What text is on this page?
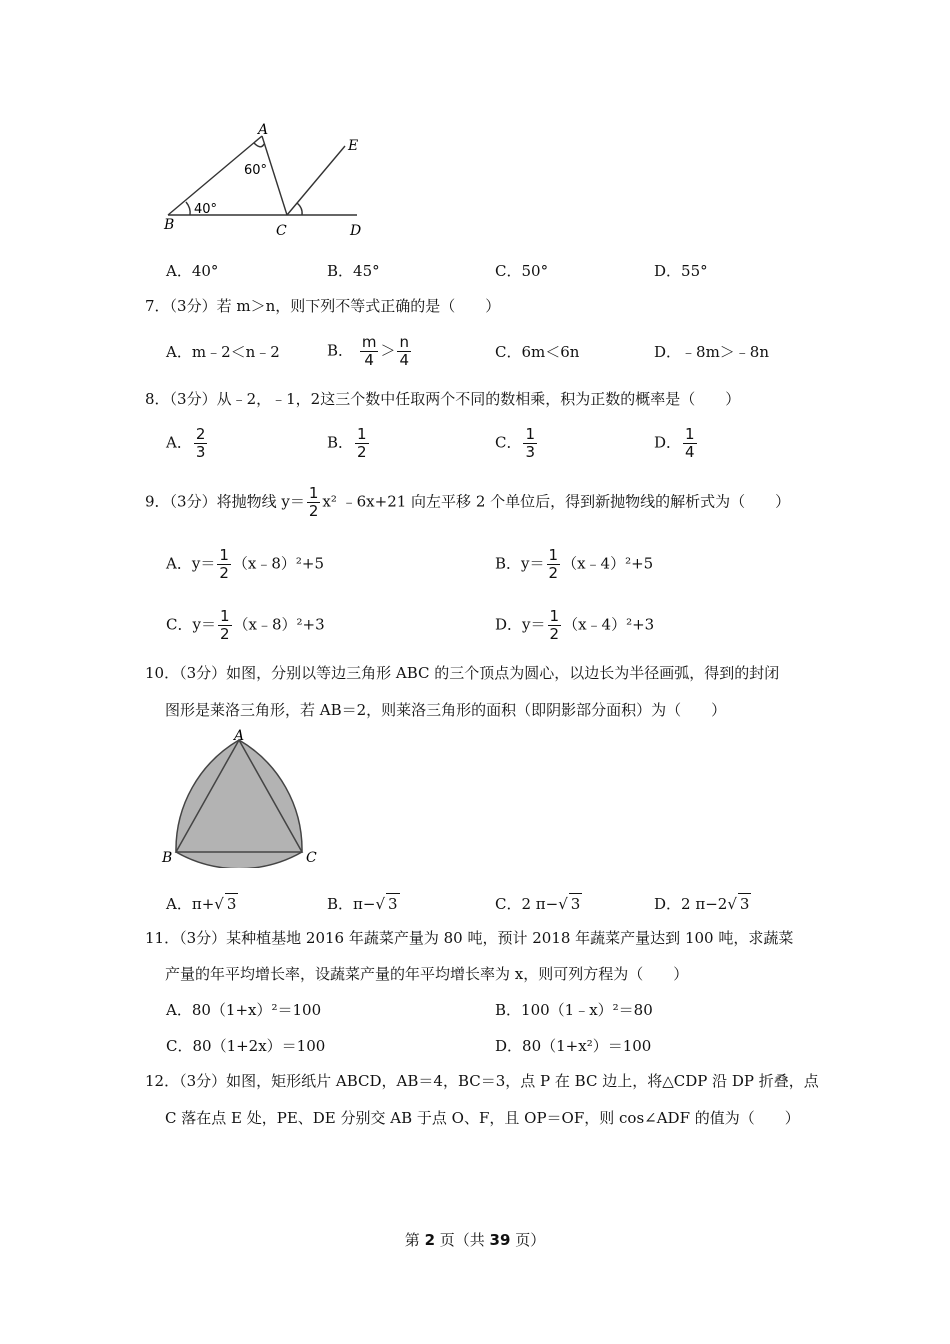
A
B	C	D
E
60°
40°
A．40°	B．45°	C．50°	D．55°
7．（3分）若 m＞n，则下列不等式正确的是（　　）
A．m﹣2＜n﹣2	B． $\frac{m}{4} > \frac{n}{4}$	C．6m＜6n	D．﹣8m＞﹣8n
8．（3分）从﹣2，﹣1，2这三个数中任取两个不同的数相乘，积为正数的概率是（　　）
A． $\frac{2}{3}$	B． $\frac{1}{2}$	C． $\frac{1}{3}$	D． $\frac{1}{4}$
9．（3分）将抛物线 $y= \frac{1}{2} x^2$ ﹣6x+21 向左平移 2 个单位后，得到新抛物线的解析式为（　　）
A．$y= \frac{1}{2}$ （x﹣8）²+5	B．$y= \frac{1}{2}$ （x﹣4）²+5
C．$y= \frac{1}{2}$ （x﹣8）²+3	D．$y= \frac{1}{2}$ （x﹣4）²+3
10．（3分）如图，分别以等边三角形 ABC 的三个顶点为圆心，以边长为半径画弧，得到的封闭
图形是莱洛三角形，若 AB＝2，则莱洛三角形的面积（即阴影部分面积）为（　　）
A
B	C
A．π+√ 3	B．π−√ 3	C．2 π−√ 3	D．2 π−2√ 3
11．（3分）某种植基地 2016 年蔬菜产量为 80 吨，预计 2018 年蔬菜产量达到 100 吨，求蔬菜
产量的年平均增长率，设蔬菜产量的年平均增长率为 x，则可列方程为（　　）
A．80（1+x）²＝100	B．100（1﹣x）²＝80
C．80（1+2x）＝100	D．80（1+x²）＝100
12．（3分）如图，矩形纸片 ABCD，AB＝4，BC＝3，点 P 在 BC 边上，将△CDP 沿 DP 折叠，点
C 落在点 E 处，PE、DE 分别交 AB 于点 O、F，且 OP＝OF，则 cos∠ADF 的值为（　　）
第 2 页（共 39 页）
